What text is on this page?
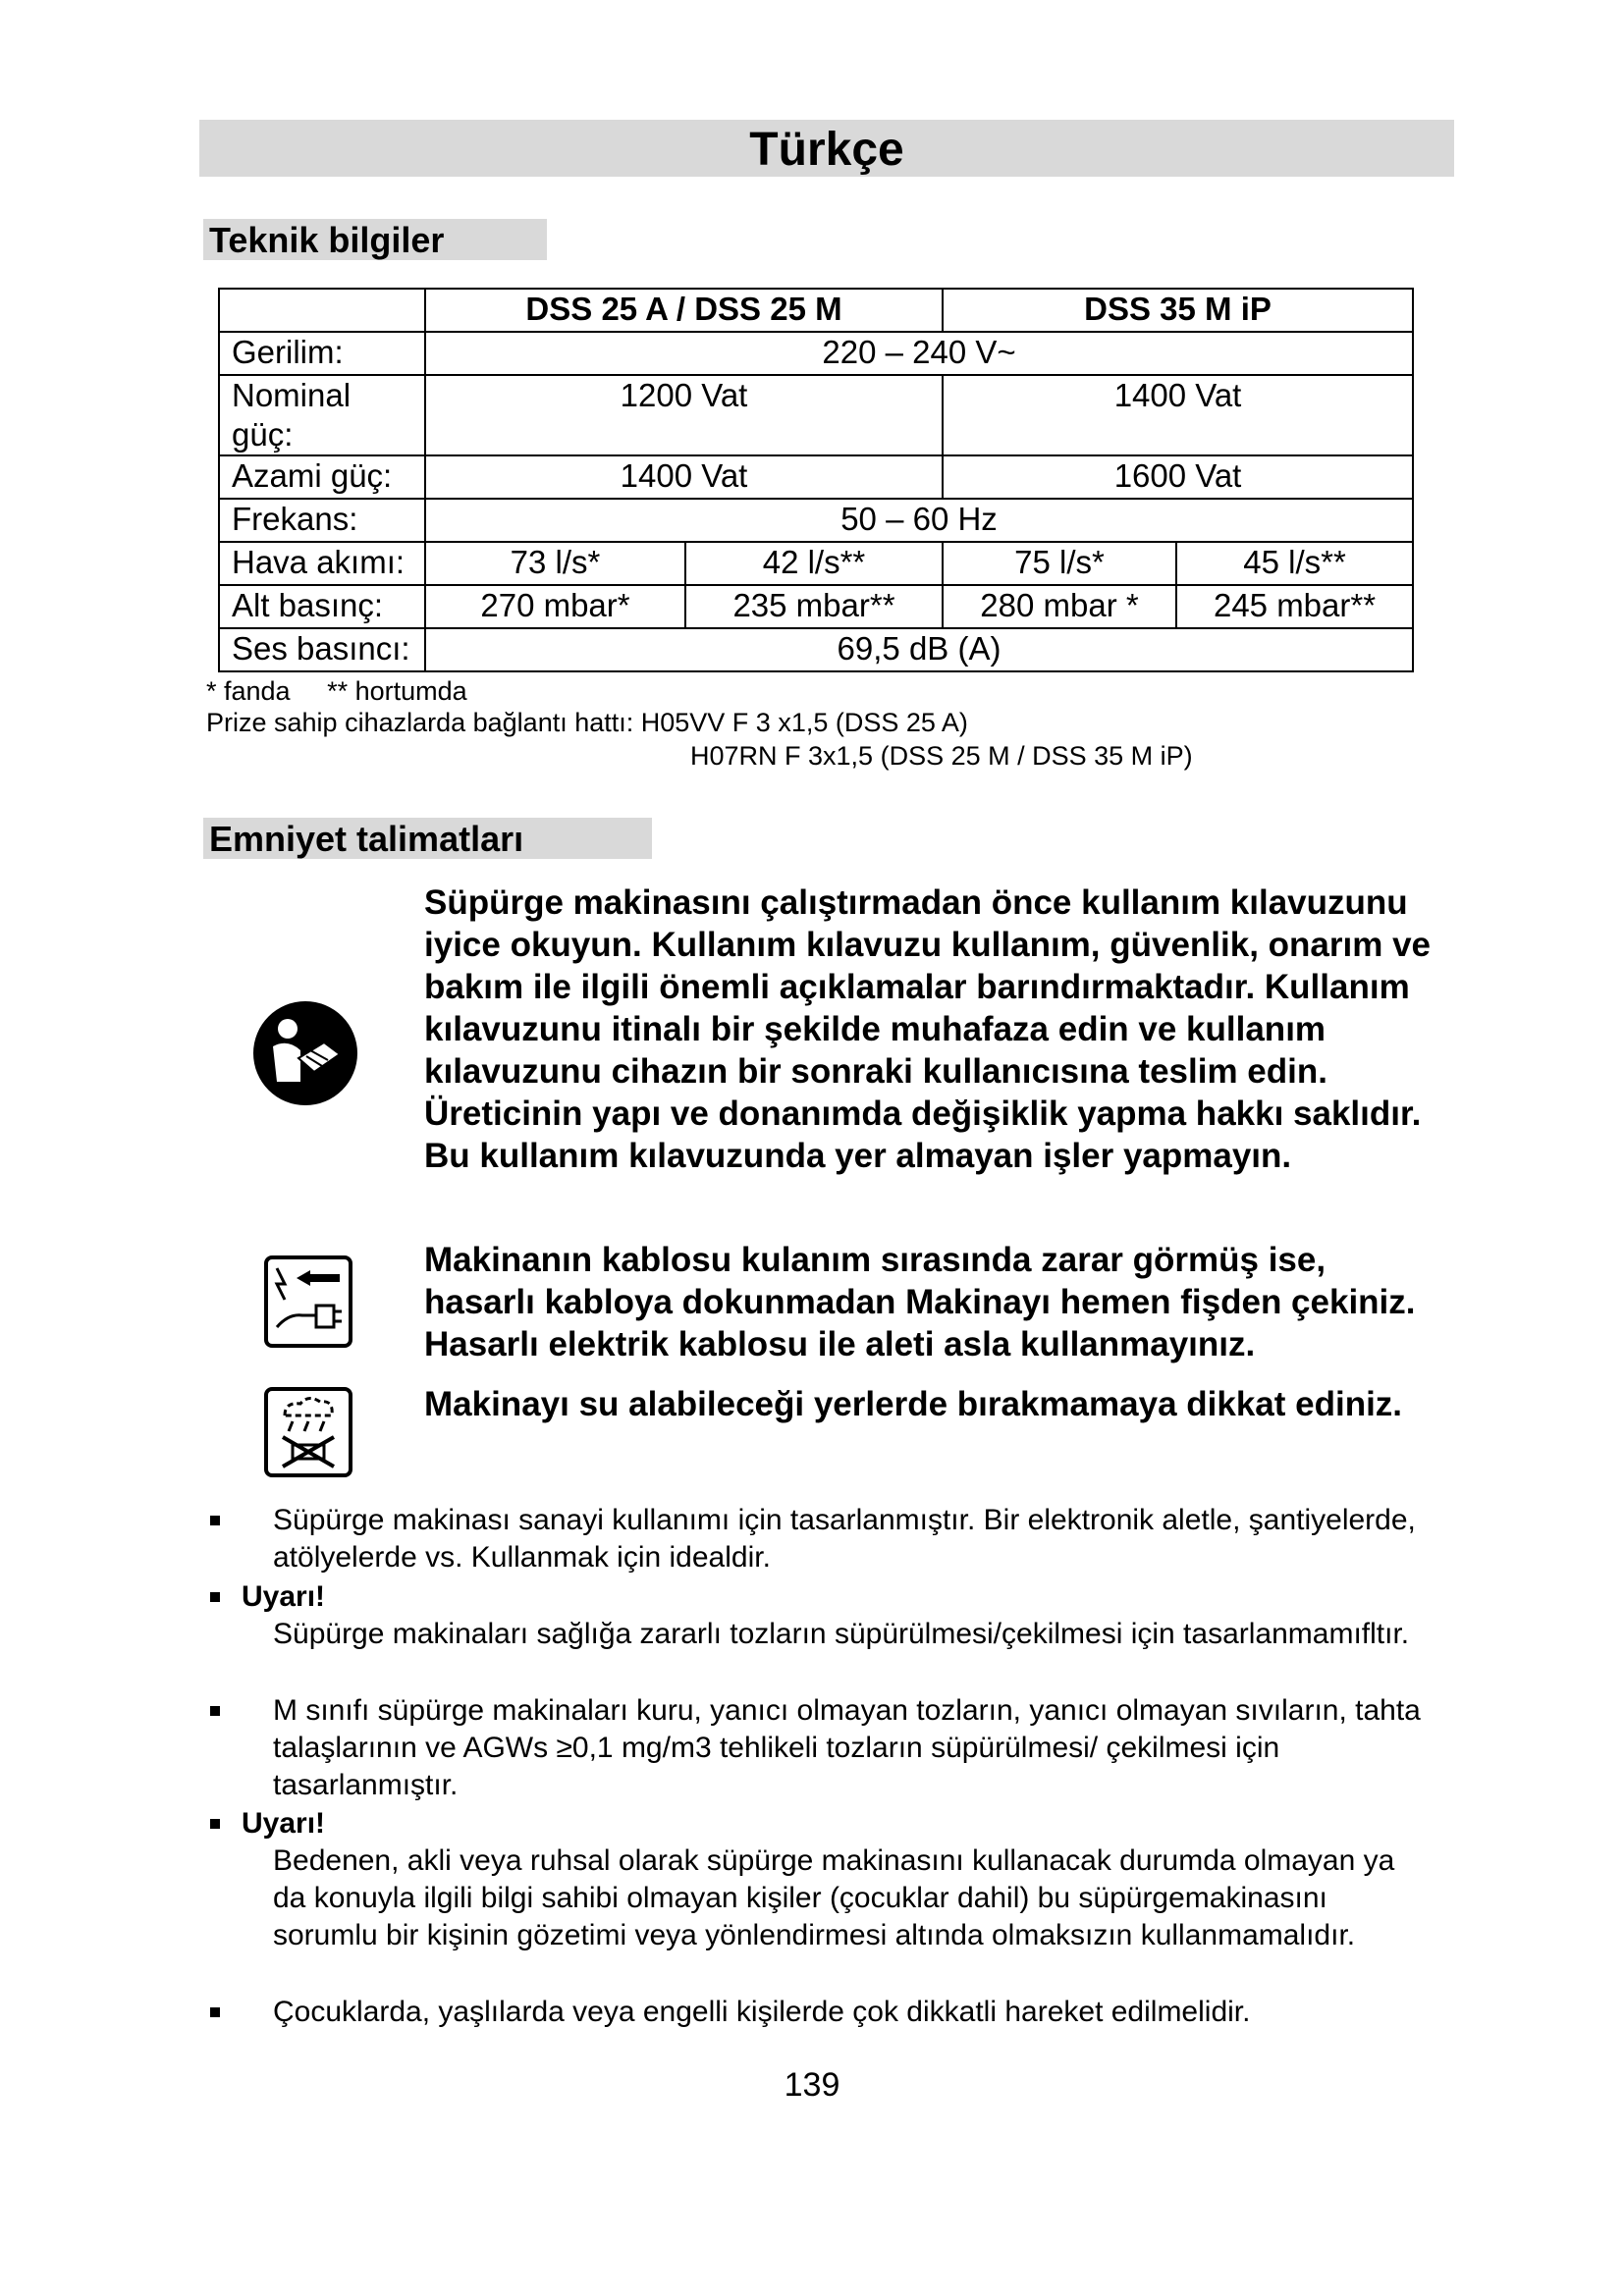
Türkçe
Teknik bilgiler
	DSS 25 A / DSS 25 M		DSS 35 M iP	
Gerilim:	220 – 240 V~			
Nominal güç:	1200 Vat		1400 Vat	
Azami güç:	1400 Vat		1600 Vat	
Frekans:	50 – 60 Hz			
Hava akımı:	73 l/s*	42 l/s**	75 l/s*	45 l/s**
Alt basınç:	270 mbar*	235 mbar**	280 mbar *	245 mbar**
Ses basıncı:	69,5 dB (A)			
* fanda     ** hortumda
Prize sahip cihazlarda bağlantı hattı: H05VV F 3 x1,5 (DSS 25 A)
H07RN F 3x1,5 (DSS 25 M / DSS 35 M iP)
Emniyet talimatları
Süpürge makinasını çalıştırmadan önce kullanım kılavuzunu iyice okuyun. Kullanım kılavuzu kullanım, güvenlik, onarım ve bakım ile ilgili önemli açıklamalar barındırmaktadır. Kullanım kılavuzunu itinalı bir şekilde muhafaza edin ve kullanım kılavuzunu cihazın bir sonraki kullanıcısına teslim edin. Üreticinin yapı ve donanımda değişiklik yapma hakkı saklıdır. Bu kullanım kılavuzunda yer almayan işler yapmayın.
Makinanın kablosu kulanım sırasında zarar görmüş ise, hasarlı kabloya dokunmadan Makinayı hemen fişden çekiniz. Hasarlı elektrik kablosu ile aleti asla kullanmayınız.
Makinayı su alabileceği yerlerde bırakmamaya dikkat ediniz.
Süpürge makinası sanayi kullanımı için tasarlanmıştır. Bir elektronik aletle, şantiyelerde, atölyelerde vs. Kullanmak için idealdir.
Uyarı!
Süpürge makinaları sağlığa zararlı tozların süpürülmesi/çekilmesi için tasarlanmamıfltır.
M sınıfı süpürge makinaları kuru, yanıcı olmayan tozların, yanıcı olmayan sıvıların, tahta talaşlarının ve AGWs ≥0,1 mg/m3 tehlikeli tozların süpürülmesi/ çekilmesi için tasarlanmıştır.
Uyarı!
Bedenen, akli veya ruhsal olarak süpürge makinasını kullanacak durumda olmayan ya da konuyla ilgili bilgi sahibi olmayan kişiler (çocuklar dahil) bu süpürgemakinasını sorumlu bir kişinin gözetimi veya yönlendirmesi altında olmaksızın kullanmamalıdır.
Çocuklarda, yaşlılarda veya engelli kişilerde çok dikkatli hareket edilmelidir.
139
